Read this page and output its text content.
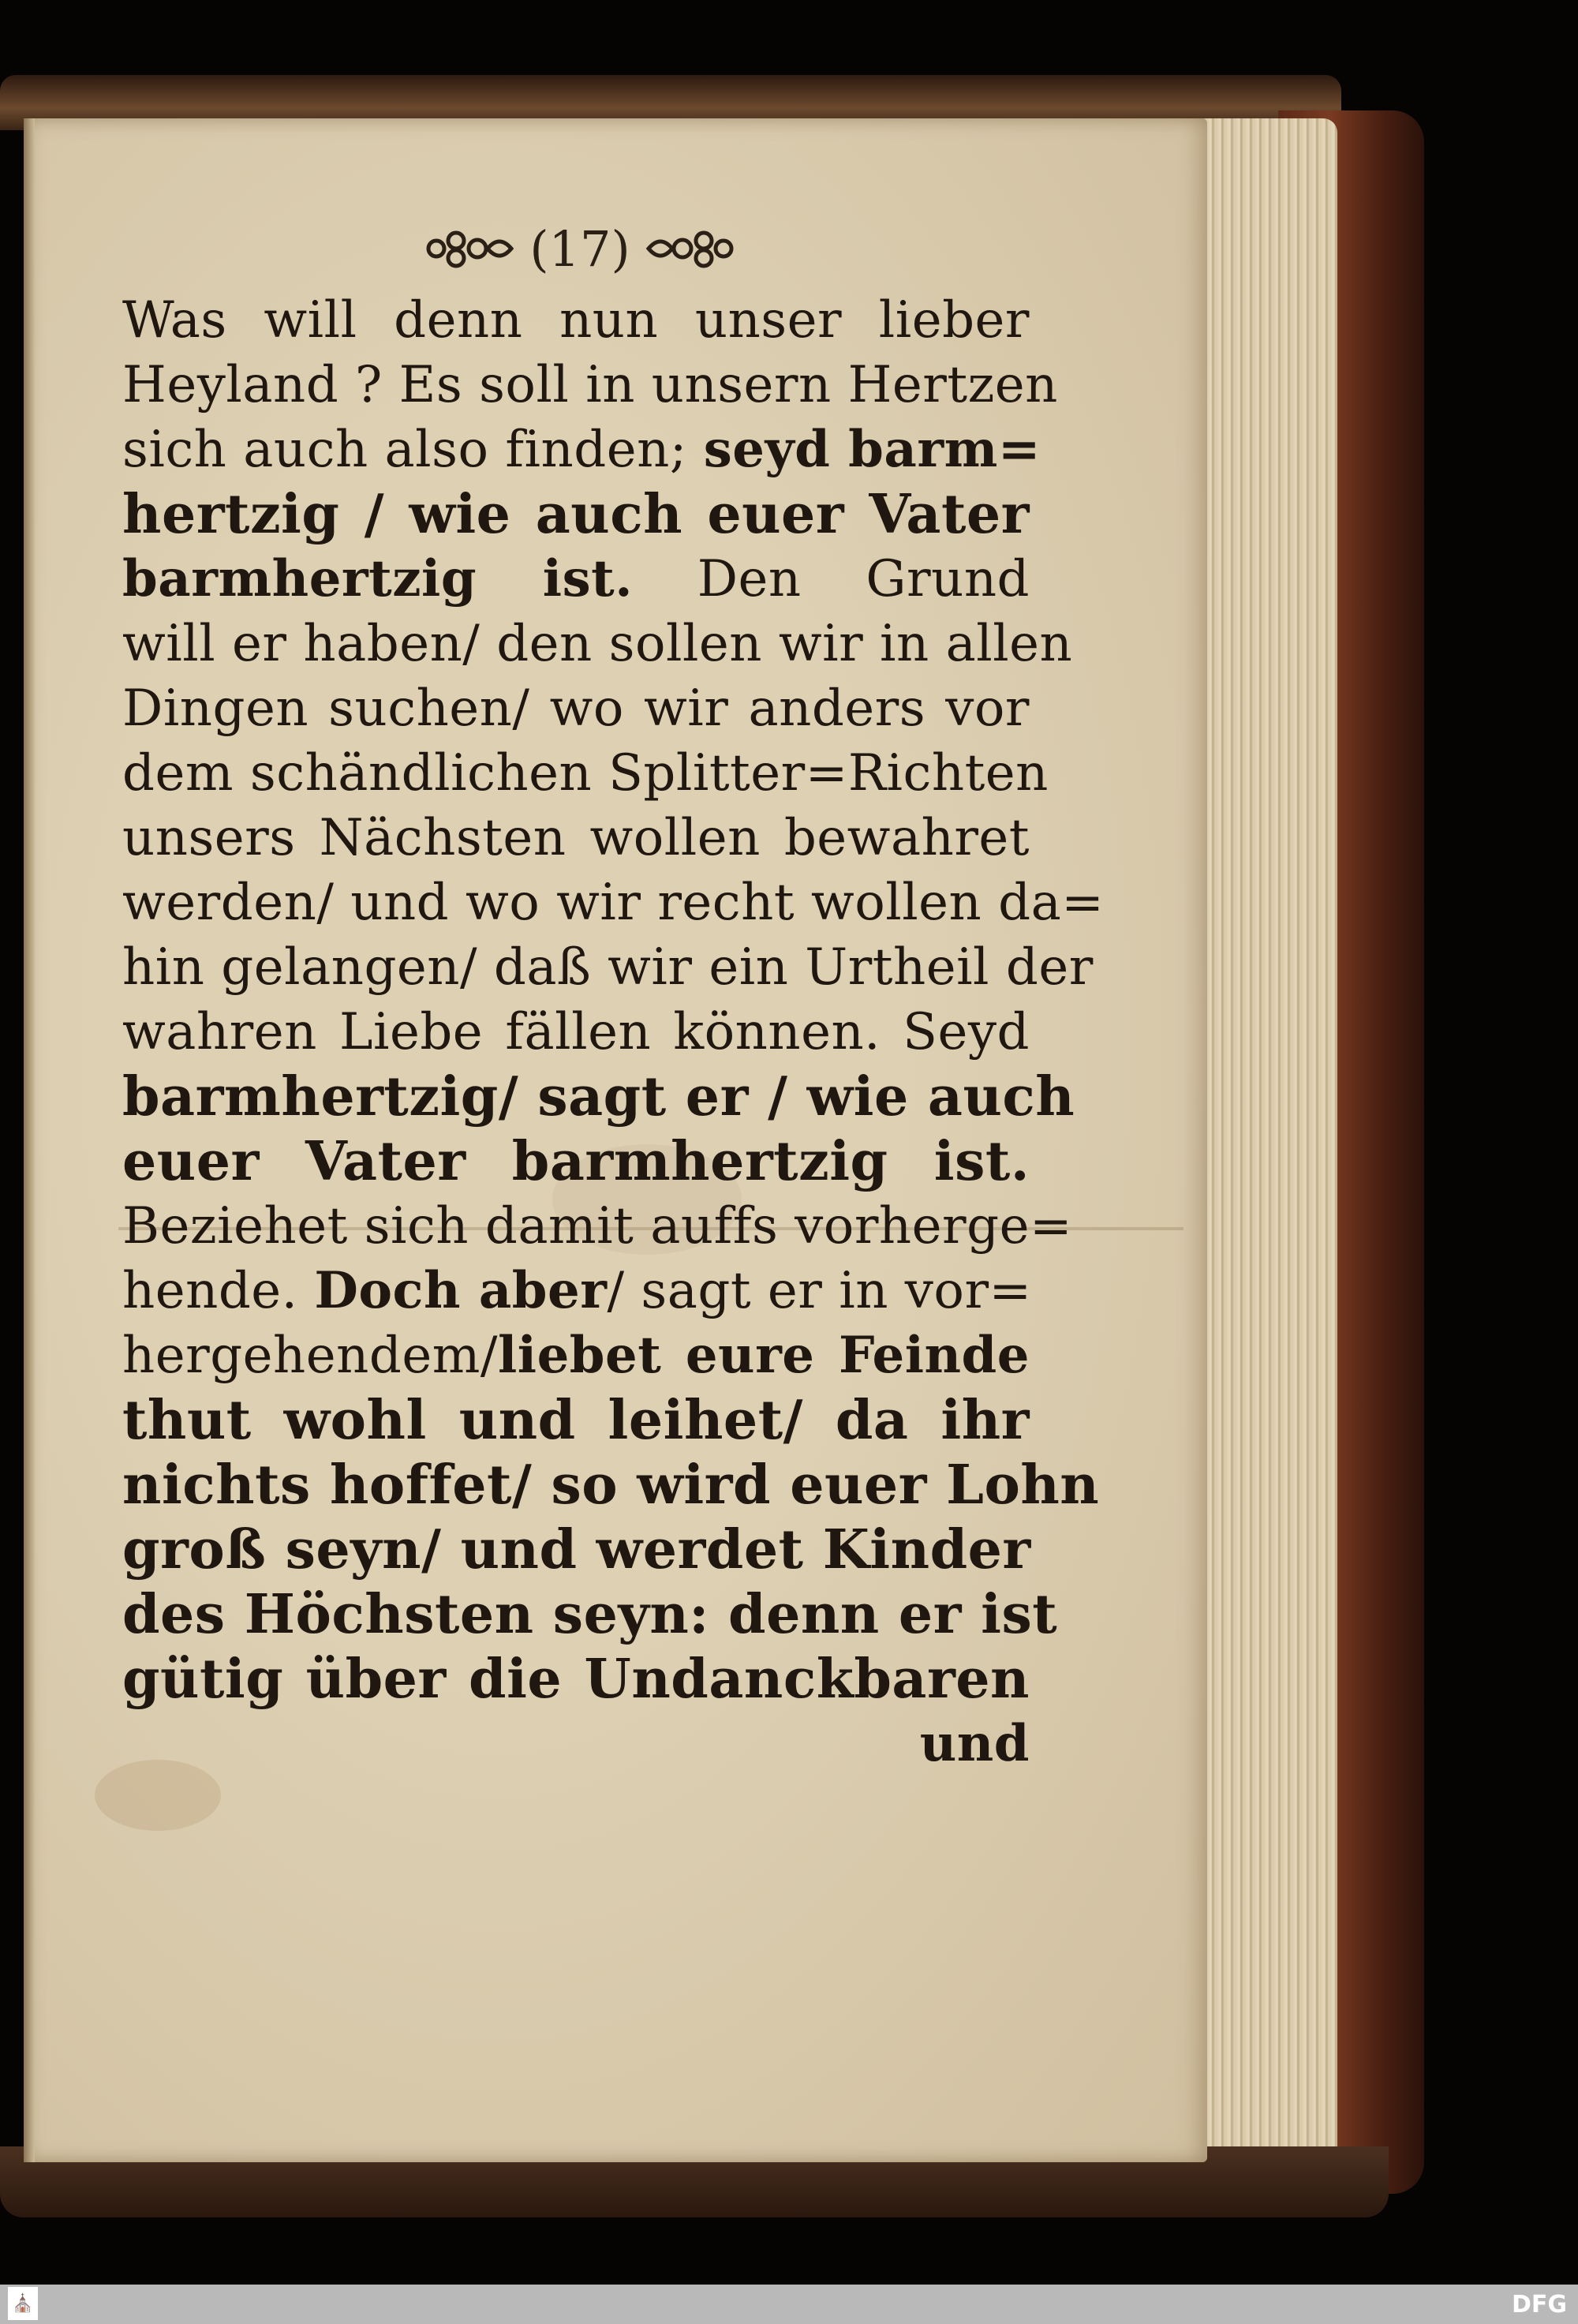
(17)
Was will denn nun unser lieber
Heyland ? Es soll in unsern Hertzen
sich auch also finden; seyd barm=
hertzig / wie auch euer Vater
barmhertzig ist. Den Grund
will er haben/ den sollen wir in allen
Dingen suchen/ wo wir anders vor
dem schändlichen Splitter=Richten
unsers Nächsten wollen bewahret
werden/ und wo wir recht wollen da=
hin gelangen/ daß wir ein Urtheil der
wahren Liebe fällen können. Seyd
barmhertzig/ sagt er / wie auch
euer Vater barmhertzig ist.
Beziehet sich damit auffs vorherge=
hende. Doch aber/ sagt er in vor=
hergehendem/liebet eure Feinde
thut wohl und leihet/ da ihr
nichts hoffet/ so wird euer Lohn
groß seyn/ und werdet Kinder
des Höchsten seyn: denn er ist
gütig über die Undanckbaren
und
⛪	DFG
